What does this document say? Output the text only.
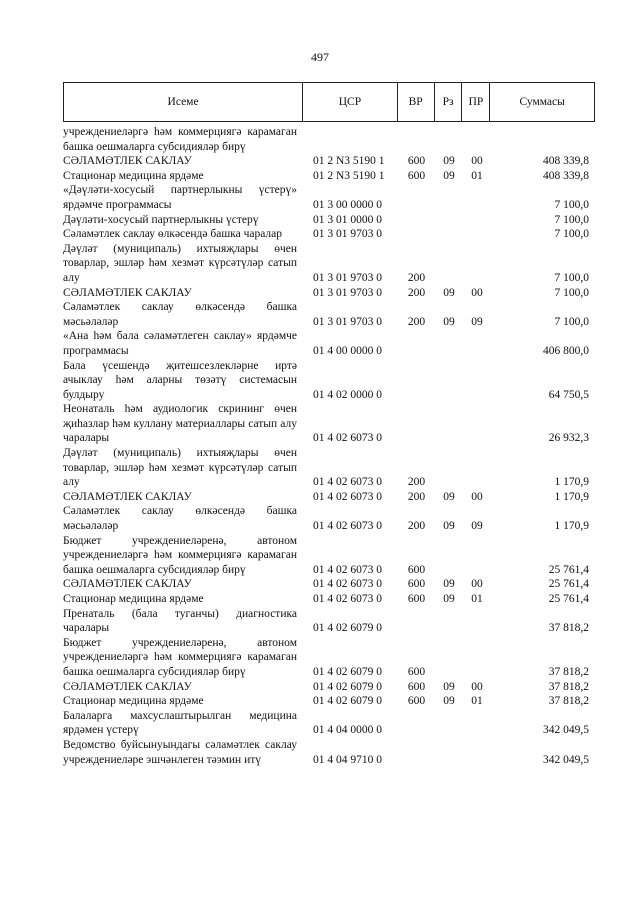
497
Исеме	ЦСР	ВР	Рз	ПР	Суммасы
учреждениеләргә һәм коммерциягә карамаган башка оешмаларга субсидияләр бирү
СӘЛАМӘТЛЕК САКЛАУ	01 2 N3 5190 1	600	09	00	408 339,8
Стационар медицина ярдәме	01 2 N3 5190 1	600	09	01	408 339,8
«Дәүләти-хосусый партнерлыкны үстерү» ярдәмче программасы	01 3 00 0000 0	7 100,0
Дәүләти-хосусый партнерлыкны үстерү	01 3 01 0000 0	7 100,0
Сәламәтлек саклау өлкәсендә башка чаралар	01 3 01 9703 0	7 100,0
Дәүләт (муниципаль) ихтыяҗлары өчен товарлар, эшләр һәм хезмәт күрсәтүләр сатып алу	01 3 01 9703 0	200	7 100,0
СӘЛАМӘТЛЕК САКЛАУ	01 3 01 9703 0	200	09	00	7 100,0
Сәламәтлек саклау өлкәсендә башка мәсьәләләр	01 3 01 9703 0	200	09	09	7 100,0
«Ана һәм бала сәламәтлеген саклау» ярдәмче программасы	01 4 00 0000 0	406 800,0
Бала үсешендә җитешсезлекләрне иртә ачыклау һәм аларны төзәтү системасын булдыру	01 4 02 0000 0	64 750,5
Неонаталь һәм аудиологик скрининг өчен җиһазлар һәм куллану материаллары сатып алу чаралары	01 4 02 6073 0	26 932,3
Дәүләт (муниципаль) ихтыяҗлары өчен товарлар, эшләр һәм хезмәт күрсәтүләр сатып алу	01 4 02 6073 0	200	1 170,9
СӘЛАМӘТЛЕК САКЛАУ	01 4 02 6073 0	200	09	00	1 170,9
Сәламәтлек саклау өлкәсендә башка мәсьәләләр	01 4 02 6073 0	200	09	09	1 170,9
Бюджет учреждениеләренә, автоном учреждениеләргә һәм коммерциягә карамаган башка оешмаларга субсидияләр бирү	01 4 02 6073 0	600	25 761,4
СӘЛАМӘТЛЕК САКЛАУ	01 4 02 6073 0	600	09	00	25 761,4
Стационар медицина ярдәме	01 4 02 6073 0	600	09	01	25 761,4
Пренаталь (бала туганчы) диагностика чаралары	01 4 02 6079 0	37 818,2
Бюджет учреждениеләренә, автоном учреждениеләргә һәм коммерциягә карамаган башка оешмаларга субсидияләр бирү	01 4 02 6079 0	600	37 818,2
СӘЛАМӘТЛЕК САКЛАУ	01 4 02 6079 0	600	09	00	37 818,2
Стационар медицина ярдәме	01 4 02 6079 0	600	09	01	37 818,2
Балаларга махсуслаштырылган медицина ярдәмен үстерү	01 4 04 0000 0	342 049,5
Ведомство буйсынуындагы сәламәтлек саклау учреждениеләре эшчәнлеген тәэмин итү	01 4 04 9710 0	342 049,5
